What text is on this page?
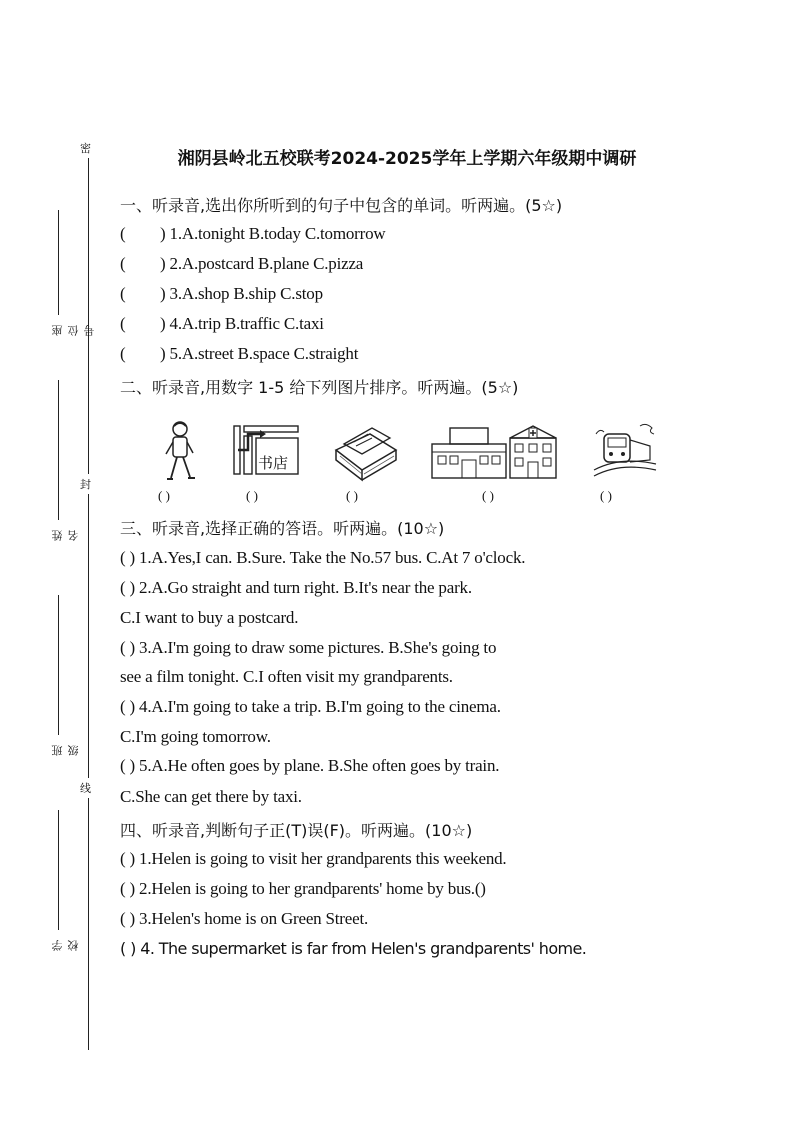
密
封
线
座位号
姓名
班级
学校
湘阴县岭北五校联考2024-2025学年上学期六年级期中调研
一、听录音,选出你所听到的句子中包含的单词。听两遍。(5☆)
( ) 1.A.tonight B.today C.tomorrow
( ) 2.A.postcard B.plane C.pizza
( ) 3.A.shop B.ship C.stop
( ) 4.A.trip B.traffic C.taxi
( ) 5.A.street B.space C.straight
二、听录音,用数字 1-5 给下列图片排序。听两遍。(5☆)
书店
( )	( )	( )	( )	( )
三、听录音,选择正确的答语。听两遍。(10☆)
( ) 1.A.Yes,I can. B.Sure. Take the No.57 bus. C.At 7 o'clock.
( ) 2.A.Go straight and turn right. B.It's near the park.
C.I want to buy a postcard.
( ) 3.A.I'm going to draw some pictures. B.She's going to
see a film tonight. C.I often visit my grandparents.
( ) 4.A.I'm going to take a trip. B.I'm going to the cinema.
C.I'm going tomorrow.
( ) 5.A.He often goes by plane. B.She often goes by train.
C.She can get there by taxi.
四、听录音,判断句子正(T)误(F)。听两遍。(10☆)
( ) 1.Helen is going to visit her grandparents this weekend.
( ) 2.Helen is going to her grandparents' home by bus.()
( ) 3.Helen's home is on Green Street.
( ) 4. The supermarket is far from Helen's grandparents' home.
